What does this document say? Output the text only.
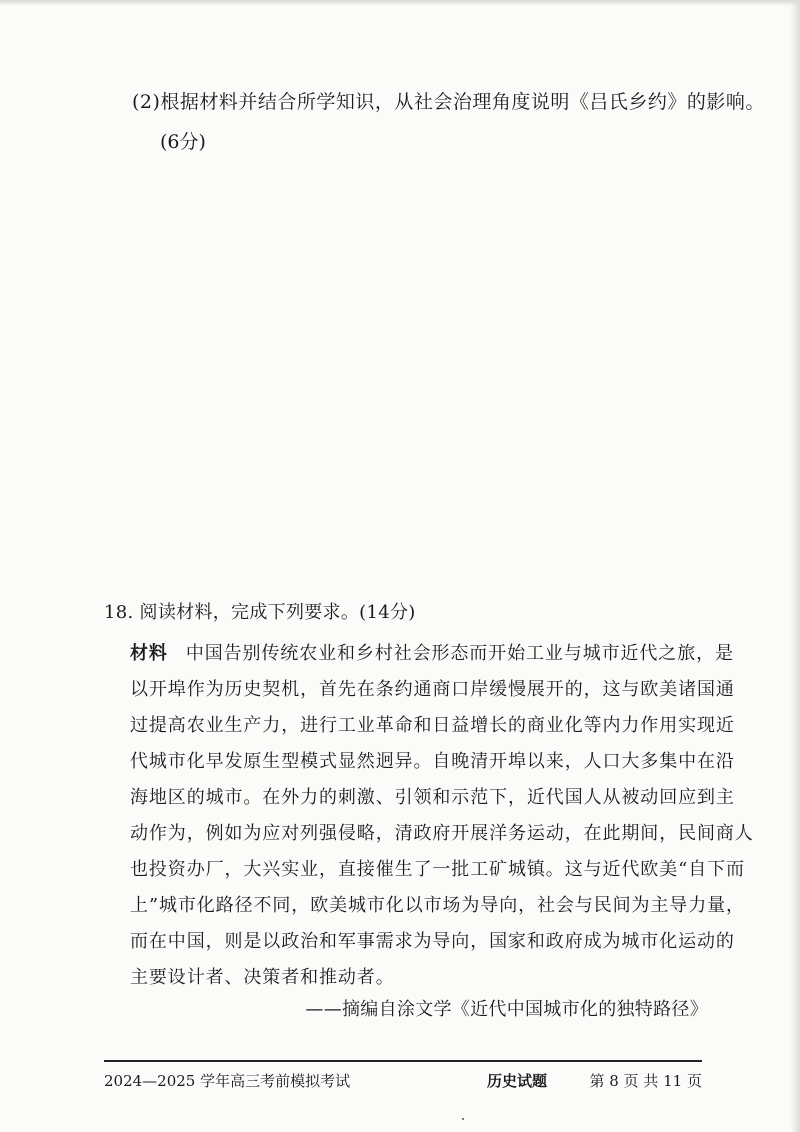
(2)根据材料并结合所学知识，从社会治理角度说明《吕氏乡约》的影响。
(6分)
18. 阅读材料，完成下列要求。(14分)
材料 中国告别传统农业和乡村社会形态而开始工业与城市近代之旅，是
以开埠作为历史契机，首先在条约通商口岸缓慢展开的，这与欧美诸国通
过提高农业生产力，进行工业革命和日益增长的商业化等内力作用实现近
代城市化早发原生型模式显然迥异。自晚清开埠以来，人口大多集中在沿
海地区的城市。在外力的刺激、引领和示范下，近代国人从被动回应到主
动作为，例如为应对列强侵略，清政府开展洋务运动，在此期间，民间商人
也投资办厂，大兴实业，直接催生了一批工矿城镇。这与近代欧美“自下而
上”城市化路径不同，欧美城市化以市场为导向，社会与民间为主导力量，
而在中国，则是以政治和军事需求为导向，国家和政府成为城市化运动的
主要设计者、决策者和推动者。
——摘编自涂文学《近代中国城市化的独特路径》
2024—2025 学年高三考前模拟考试	历史试题	第 8 页 共 11 页
